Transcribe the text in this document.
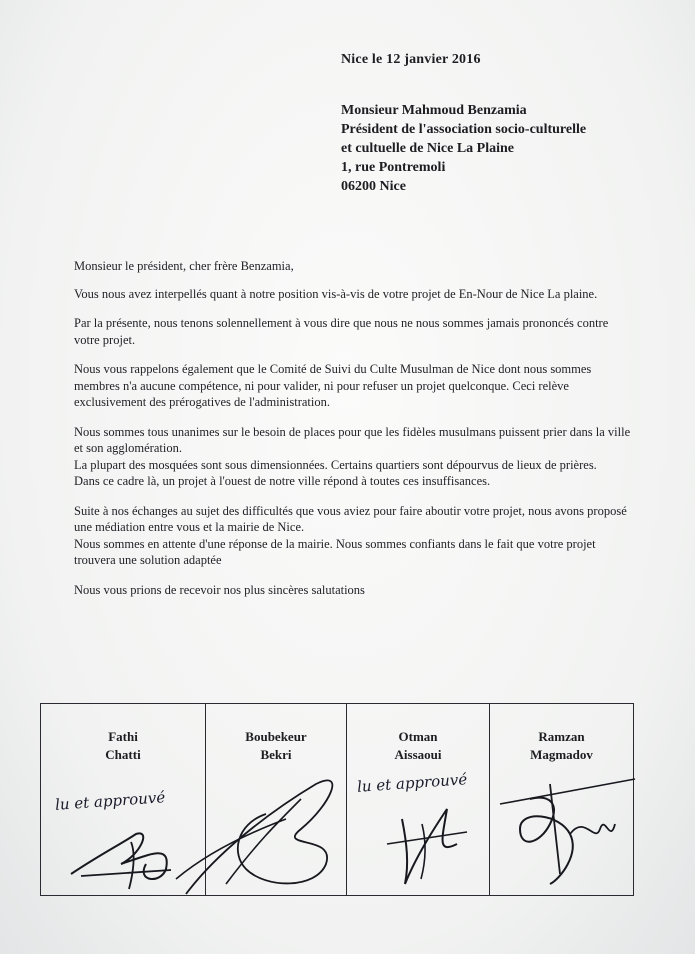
Nice le 12 janvier 2016
Monsieur Mahmoud Benzamia
Président de l'association socio-culturelle
et cultuelle de Nice La Plaine
1, rue Pontremoli
06200 Nice

Monsieur le président, cher frère Benzamia,

Vous nous avez interpellés quant à notre position vis-à-vis de votre projet de En-Nour de Nice La plaine.

Par la présente, nous tenons solennellement à vous dire que nous ne nous sommes jamais prononcés contre votre projet.

Nous vous rappelons également que le Comité de Suivi du Culte Musulman de Nice dont nous sommes membres n'a aucune compétence, ni pour valider, ni pour refuser un projet quelconque. Ceci relève exclusivement des prérogatives de l'administration.

Nous sommes tous unanimes sur le besoin de places pour que les fidèles musulmans puissent prier dans la ville et son agglomération.

La plupart des mosquées sont sous dimensionnées. Certains quartiers sont dépourvus de lieux de prières.

Dans ce cadre là, un projet à l'ouest de notre ville répond à toutes ces insuffisances.

Suite à nos échanges au sujet des difficultés que vous aviez pour faire aboutir votre projet, nous avons proposé une médiation entre vous et la mairie de Nice.

Nous sommes en attente d'une réponse de la mairie. Nous sommes confiants dans le fait que votre projet trouvera une solution adaptée

Nous vous prions de recevoir nos plus sincères salutations

Fathi
Chatti
lu et approuvé

Boubekeur
Bekri

Otman
Aissaoui
lu et approuvé

Ramzan
Magmadov
